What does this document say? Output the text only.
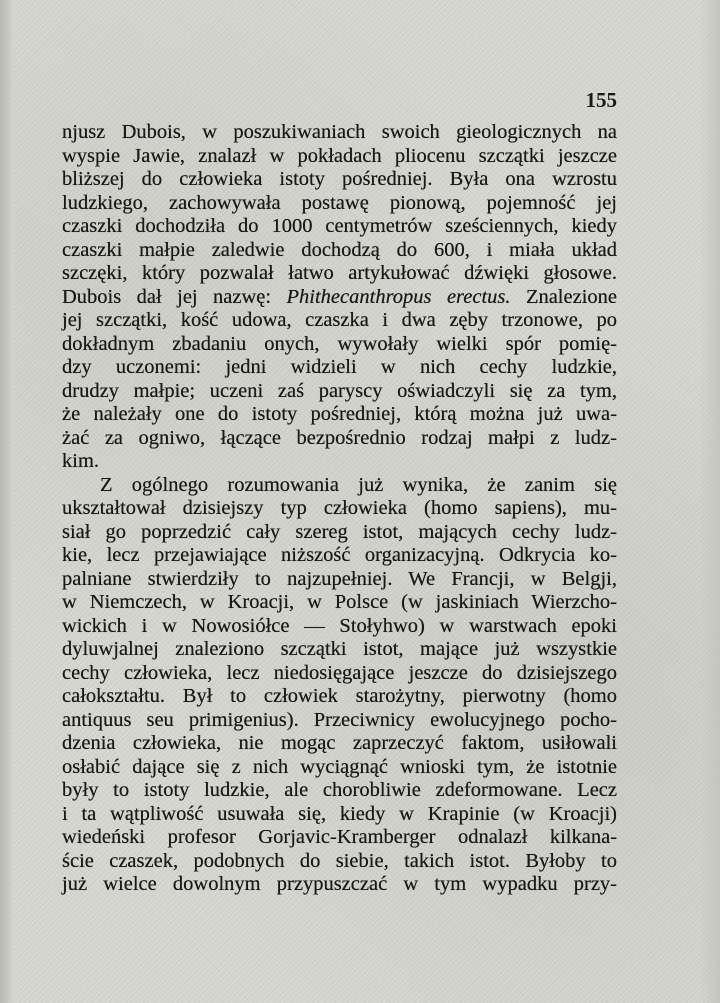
155
njusz Dubois, w poszukiwaniach swoich gieologicznych na
wyspie Jawie, znalazł w pokładach pliocenu szczątki jeszcze
bliższej do człowieka istoty pośredniej. Była ona wzrostu
ludzkiego, zachowywała postawę pionową, pojemność jej
czaszki dochodziła do 1000 centymetrów sześciennych, kiedy
czaszki małpie zaledwie dochodzą do 600, i miała układ
szczęki, który pozwalał łatwo artykułować dźwięki głosowe.
Dubois dał jej nazwę: Phithecanthropus erectus. Znalezione
jej szczątki, kość udowa, czaszka i dwa zęby trzonowe, po
dokładnym zbadaniu onych, wywołały wielki spór pomię-
dzy uczonemi: jedni widzieli w nich cechy ludzkie,
drudzy małpie; uczeni zaś paryscy oświadczyli się za tym,
że należały one do istoty pośredniej, którą można już uwa-
żać za ogniwo, łączące bezpośrednio rodzaj małpi z ludz-
kim.
Z ogólnego rozumowania już wynika, że zanim się
ukształtował dzisiejszy typ człowieka (homo sapiens), mu-
siał go poprzedzić cały szereg istot, mających cechy ludz-
kie, lecz przejawiające niższość organizacyjną. Odkrycia ko-
palniane stwierdziły to najzupełniej. We Francji, w Belgji,
w Niemczech, w Kroacji, w Polsce (w jaskiniach Wierzcho-
wickich i w Nowosiółce — Stołyhwo) w warstwach epoki
dyluwjalnej znaleziono szczątki istot, mające już wszystkie
cechy człowieka, lecz niedosięgające jeszcze do dzisiejszego
całokształtu. Był to człowiek starożytny, pierwotny (homo
antiquus seu primigenius). Przeciwnicy ewolucyjnego pocho-
dzenia człowieka, nie mogąc zaprzeczyć faktom, usiłowali
osłabić dające się z nich wyciągnąć wnioski tym, że istotnie
były to istoty ludzkie, ale chorobliwie zdeformowane. Lecz
i ta wątpliwość usuwała się, kiedy w Krapinie (w Kroacji)
wiedeński profesor Gorjavic-Kramberger odnalazł kilkana-
ście czaszek, podobnych do siebie, takich istot. Byłoby to
już wielce dowolnym przypuszczać w tym wypadku przy-
